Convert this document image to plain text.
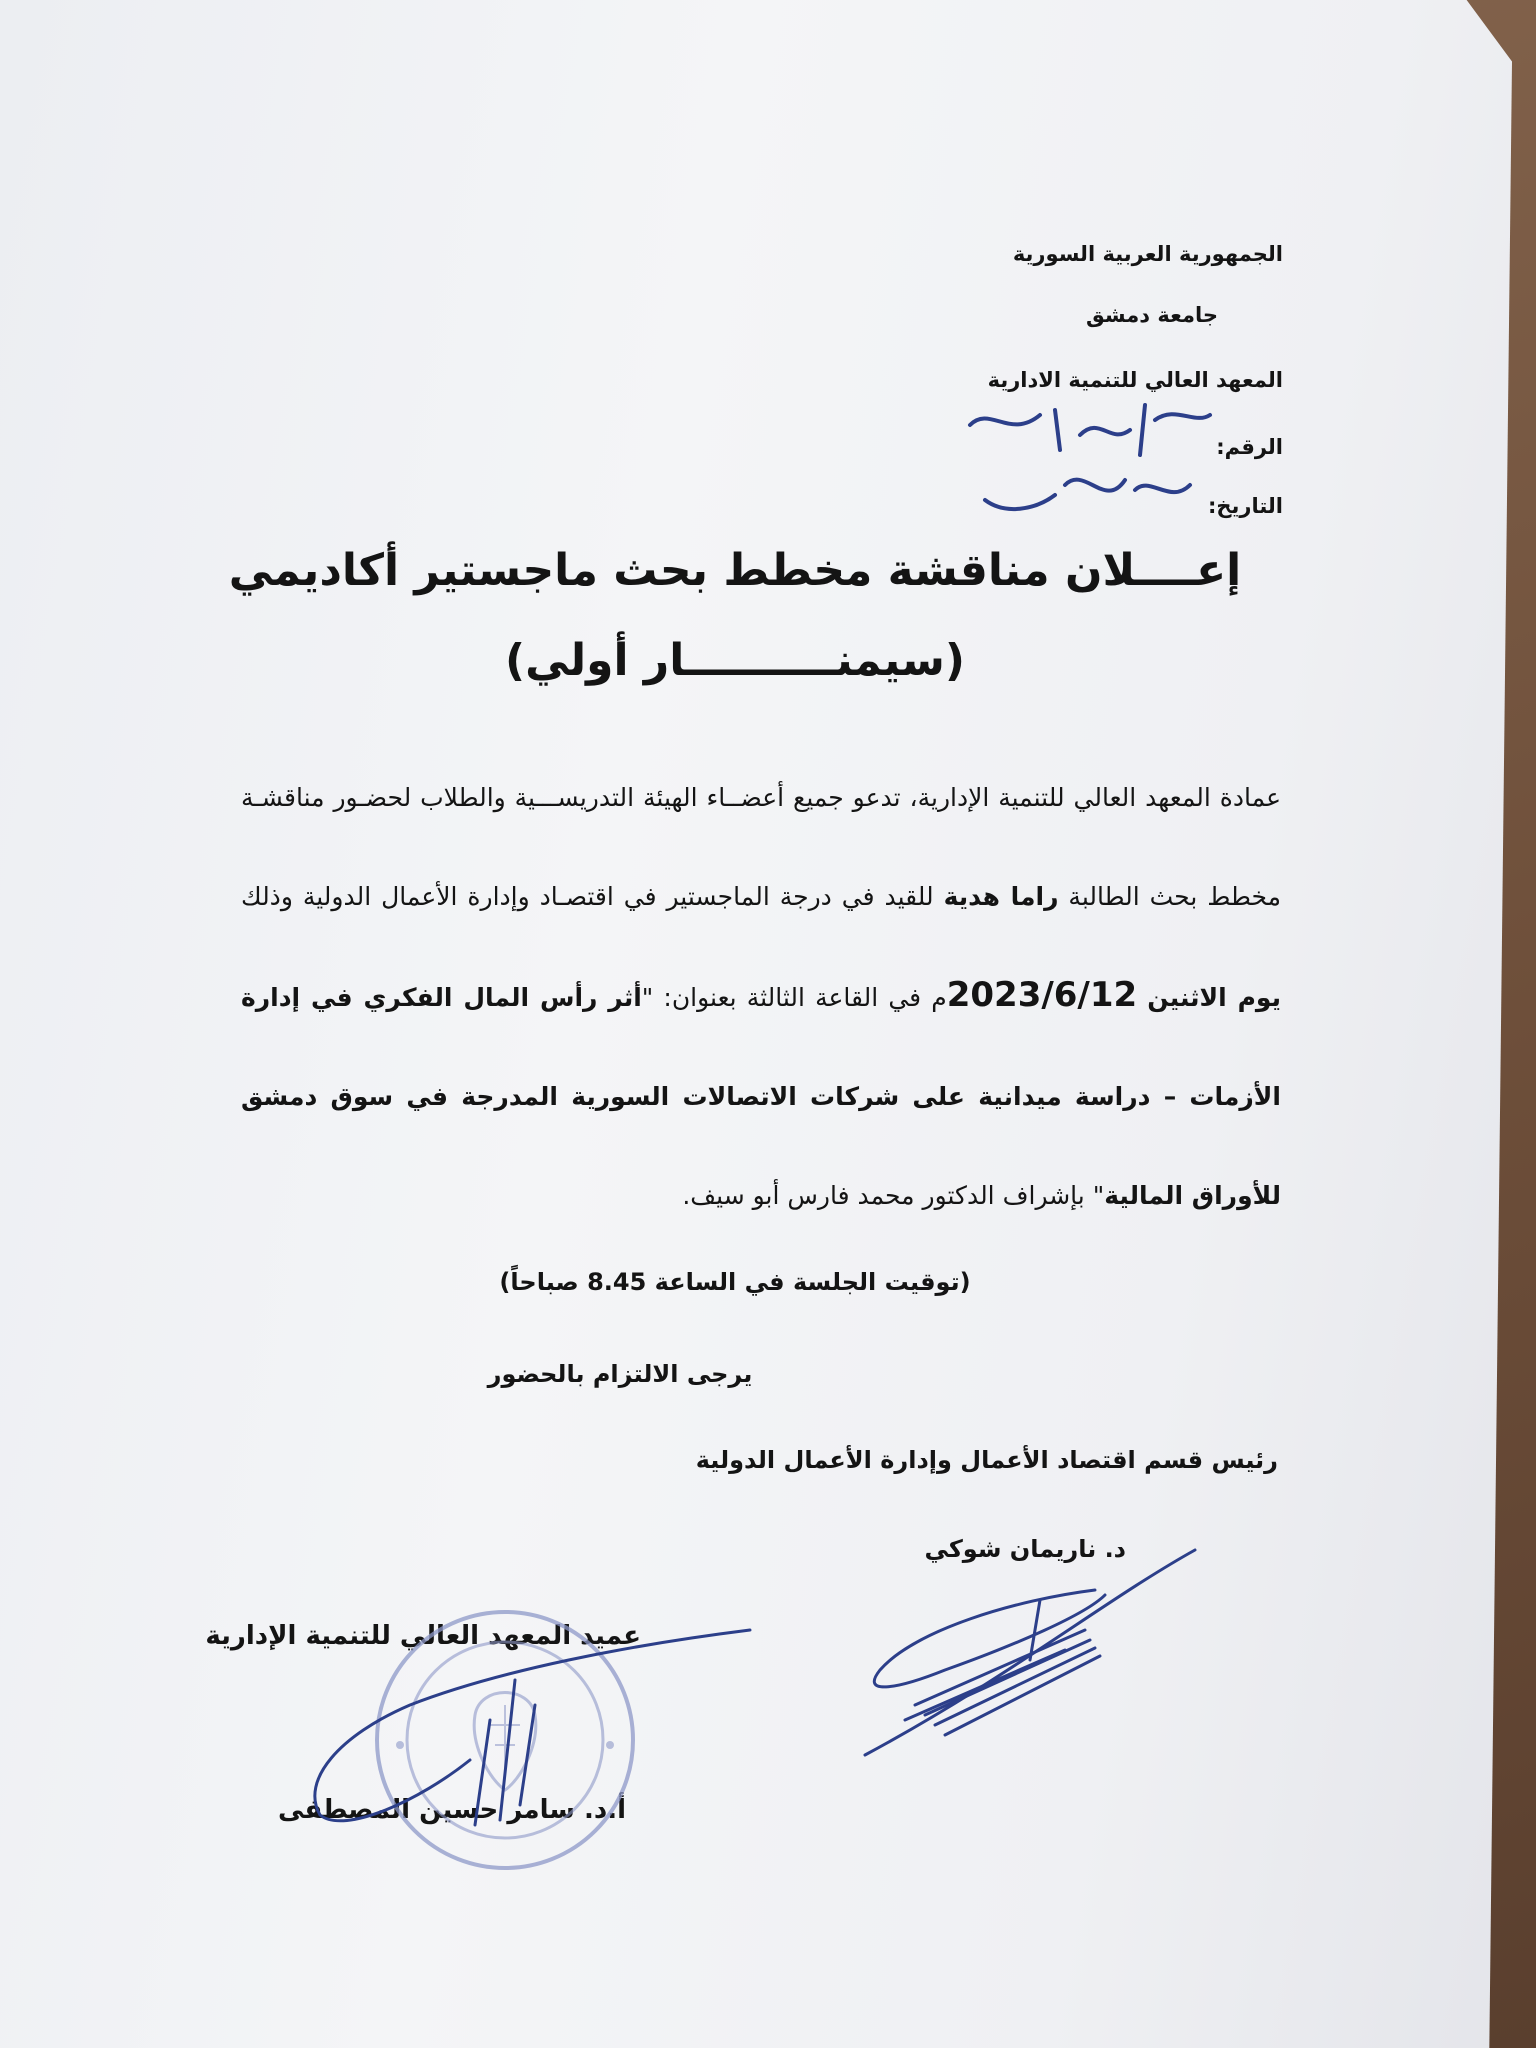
الجمهورية العربية السورية
جامعة دمشق
المعهد العالي للتنمية الادارية
الرقم:
التاريخ:
إعــــلان مناقشة مخطط بحث ماجستير أكاديمي
(سيمنــــــــــار أولي)
عمادة المعهد العالي للتنمية الإدارية، تدعو جميع أعضــاء الهيئة التدريســـية والطلاب لحضـور مناقشـة مخطط بحث الطالبة راما هدية للقيد في درجة الماجستير في اقتصـاد وإدارة الأعمال الدولية وذلك يوم الاثنين 2023/6/12م في القاعة الثالثة بعنوان: "أثر رأس المال الفكري في إدارة الأزمات – دراسة ميدانية على شركات الاتصالات السورية المدرجة في سوق دمشق للأوراق المالية" بإشراف الدكتور محمد فارس أبو سيف.
(توقيت الجلسة في الساعة 8.45 صباحاً)
يرجى الالتزام بالحضور
رئيس قسم اقتصاد الأعمال وإدارة الأعمال الدولية
د. ناريمان شوكي
عميد المعهد العالي للتنمية الإدارية
أ.د. سامر حسين المصطفى
